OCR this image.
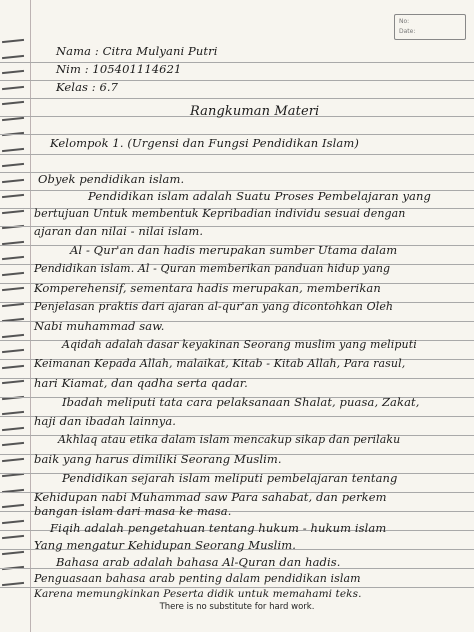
No:
Date:
Nama : Citra Mulyani Putri
Nim : 105401114621
Kelas : 6.7
Rangkuman Materi
Kelompok 1. (Urgensi dan Fungsi Pendidikan Islam)
Obyek pendidikan islam.
Pendidikan islam adalah Suatu Proses Pembelajaran yang
bertujuan Untuk membentuk Kepribadian individu sesuai dengan
ajaran dan nilai - nilai islam.
Al - Qur'an dan hadis merupakan sumber Utama dalam
Pendidikan islam. Al - Quran memberikan panduan hidup yang
Komperehensif, sementara hadis merupakan, memberikan
Penjelasan praktis dari ajaran al-qur'an yang dicontohkan Oleh
Nabi muhammad saw.
Aqidah adalah dasar keyakinan Seorang muslim yang meliputi
Keimanan Kepada Allah, malaikat, Kitab - Kitab Allah, Para rasul,
hari Kiamat, dan qadha serta qadar.
Ibadah meliputi tata cara pelaksanaan Shalat, puasa, Zakat,
haji dan ibadah lainnya.
Akhlaq atau etika dalam islam mencakup sikap dan perilaku
baik yang harus dimiliki Seorang Muslim.
Pendidikan sejarah islam meliputi pembelajaran tentang
Kehidupan nabi Muhammad saw Para sahabat, dan perkem
bangan islam dari masa ke masa.
Fiqih adalah pengetahuan tentang hukum - hukum islam
Yang mengatur Kehidupan Seorang Muslim.
Bahasa arab adalah bahasa Al-Quran dan hadis.
Penguasaan bahasa arab penting dalam pendidikan islam
There is no substitute for hard work.
Karena memungkinkan Peserta didik untuk memahami teks.
